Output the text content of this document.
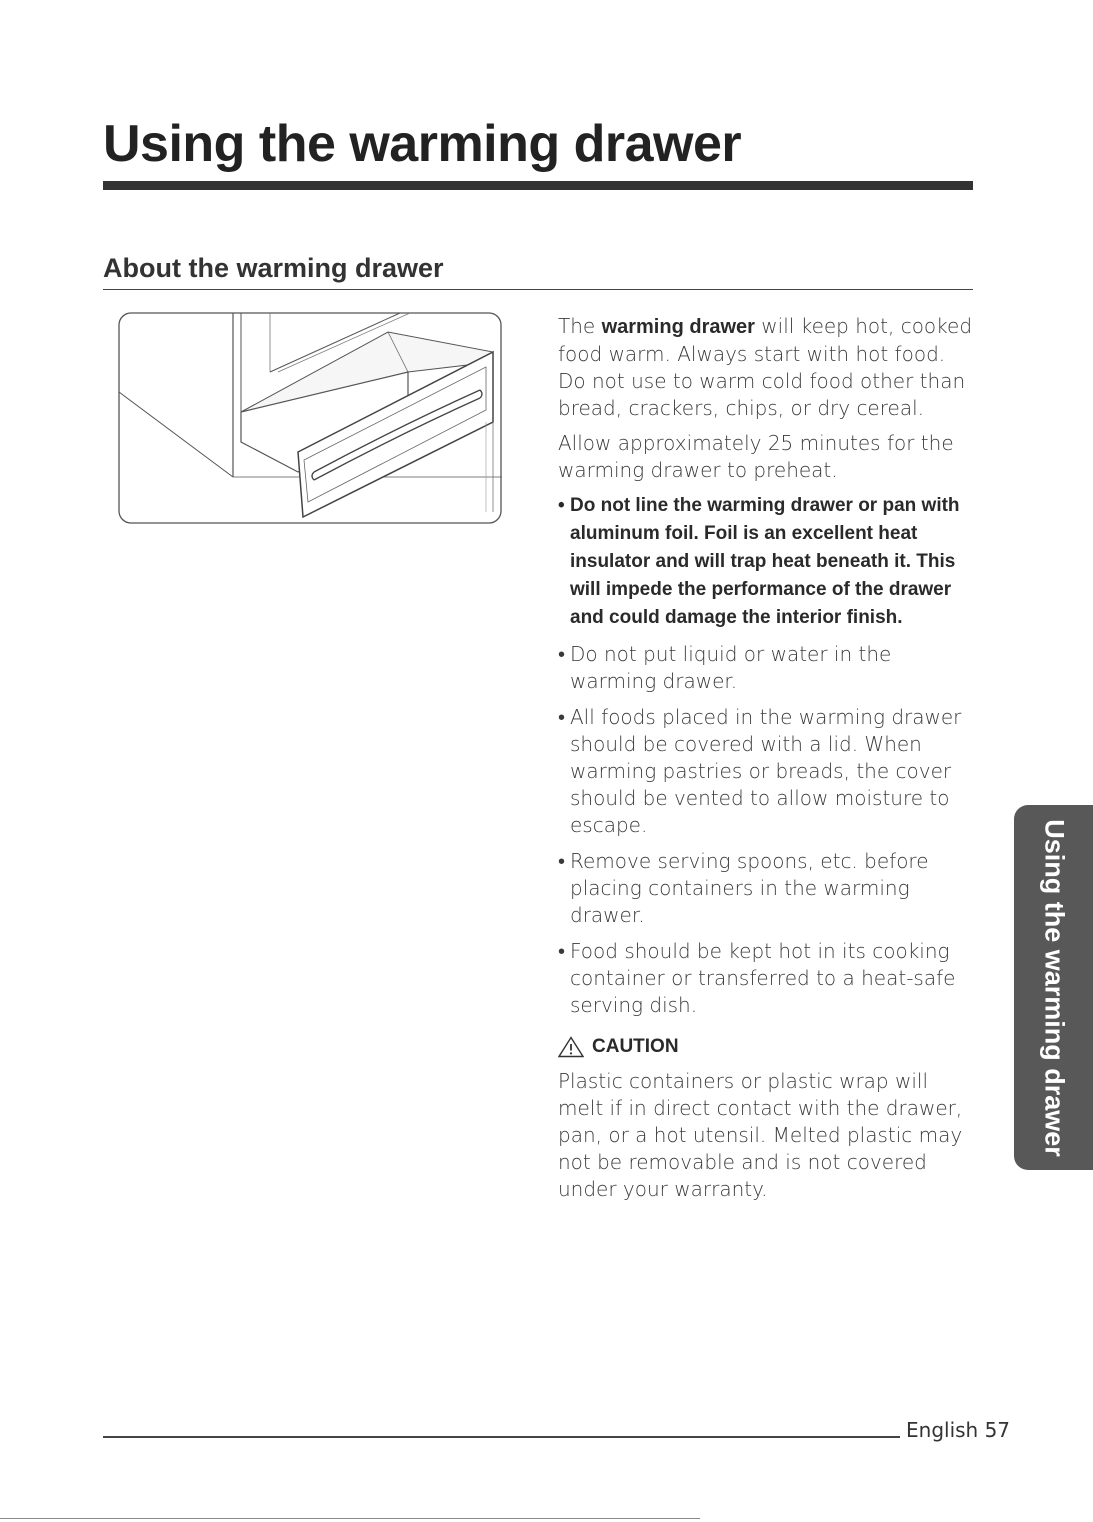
Using the warming drawer
About the warming drawer

The warming drawer will keep hot, cooked food warm. Always start with hot food. Do not use to warm cold food other than bread, crackers, chips, or dry cereal.

Allow approximately 25 minutes for the warming drawer to preheat.

• Do not line the warming drawer or pan with aluminum foil. Foil is an excellent heat insulator and will trap heat beneath it. This will impede the performance of the drawer and could damage the interior finish.
• Do not put liquid or water in the warming drawer.
• All foods placed in the warming drawer should be covered with a lid. When warming pastries or breads, the cover should be vented to allow moisture to escape.
• Remove serving spoons, etc. before placing containers in the warming drawer.
• Food should be kept hot in its cooking container or transferred to a heat-safe serving dish.
CAUTION

Plastic containers or plastic wrap will melt if in direct contact with the drawer, pan, or a hot utensil. Melted plastic may not be removable and is not covered under your warranty.

Using the warming drawer
English 57
